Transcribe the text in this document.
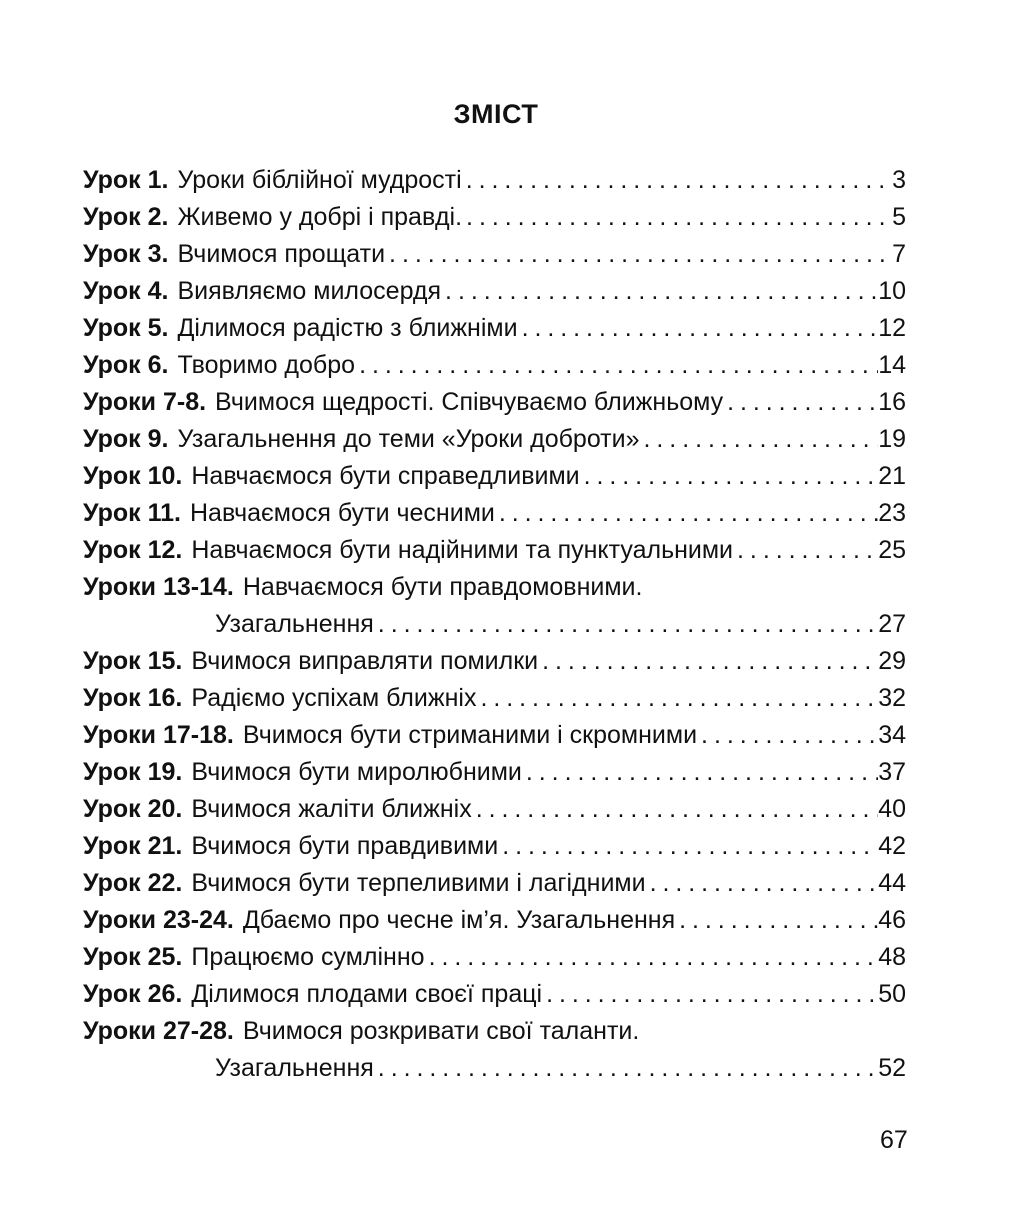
ЗМІСТ
Урок 1. Уроки біблійної мудрості . . .	3
Урок 2. Живемо у добрі і правді. . . .	5
Урок 3. Вчимося прощати . . .	7
Урок 4. Виявляємо милосердя . . .	10
Урок 5. Ділимося радістю з ближніми . . .	12
Урок 6. Творимо добро . . .	14
Уроки 7-8. Вчимося щедрості. Співчуваємо ближньому . . .	16
Урок 9. Узагальнення до теми «Уроки доброти» . . .	19
Урок 10. Навчаємося бути справедливими . . .	21
Урок 11. Навчаємося бути чесними . . .	23
Урок 12. Навчаємося бути надійними та пунктуальними . . .	25
Уроки 13-14. Навчаємося бути правдомовними.
Узагальнення . . .	27
Урок 15. Вчимося виправляти помилки . . .	29
Урок 16. Радіємо успіхам ближніх . . .	32
Уроки 17-18. Вчимося бути стриманими і скромними . . .	34
Урок 19. Вчимося бути миролюбними . . .	37
Урок 20. Вчимося жаліти ближніх . . .	40
Урок 21. Вчимося бути правдивими . . .	42
Урок 22. Вчимося бути терпеливими і лагідними . . .	44
Уроки 23-24. Дбаємо про чесне ім’я. Узагальнення . . .	46
Урок 25. Працюємо сумлінно . . .	48
Урок 26. Ділимося плодами своєї праці . . .	50
Уроки 27-28. Вчимося розкривати свої таланти.
Узагальнення . . .	52
67
